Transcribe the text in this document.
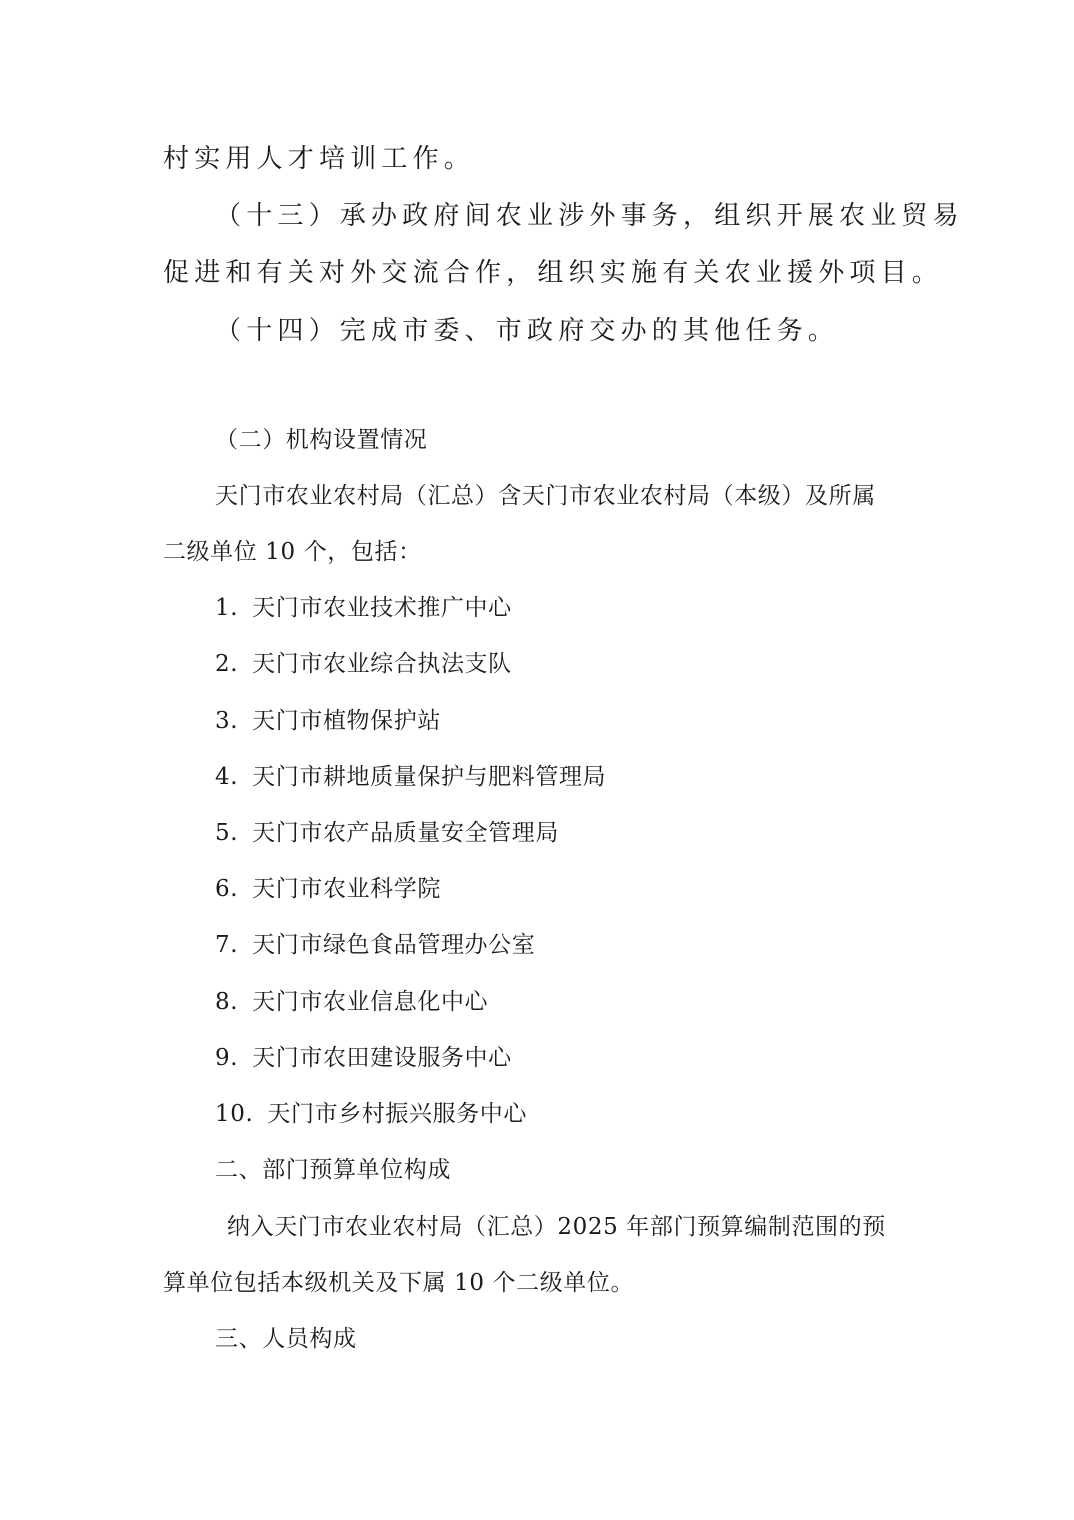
村实用人才培训工作。
（十三）承办政府间农业涉外事务，组织开展农业贸易
促进和有关对外交流合作，组织实施有关农业援外项目。
（十四）完成市委、市政府交办的其他任务。
（二）机构设置情况
天门市农业农村局（汇总）含天门市农业农村局（本级）及所属
二级单位 10 个，包括：
1. 天门市农业技术推广中心
2. 天门市农业综合执法支队
3. 天门市植物保护站
4. 天门市耕地质量保护与肥料管理局
5. 天门市农产品质量安全管理局
6. 天门市农业科学院
7. 天门市绿色食品管理办公室
8. 天门市农业信息化中心
9. 天门市农田建设服务中心
10. 天门市乡村振兴服务中心
二、部门预算单位构成
纳入天门市农业农村局（汇总）2025 年部门预算编制范围的预
算单位包括本级机关及下属 10 个二级单位。
三、人员构成
